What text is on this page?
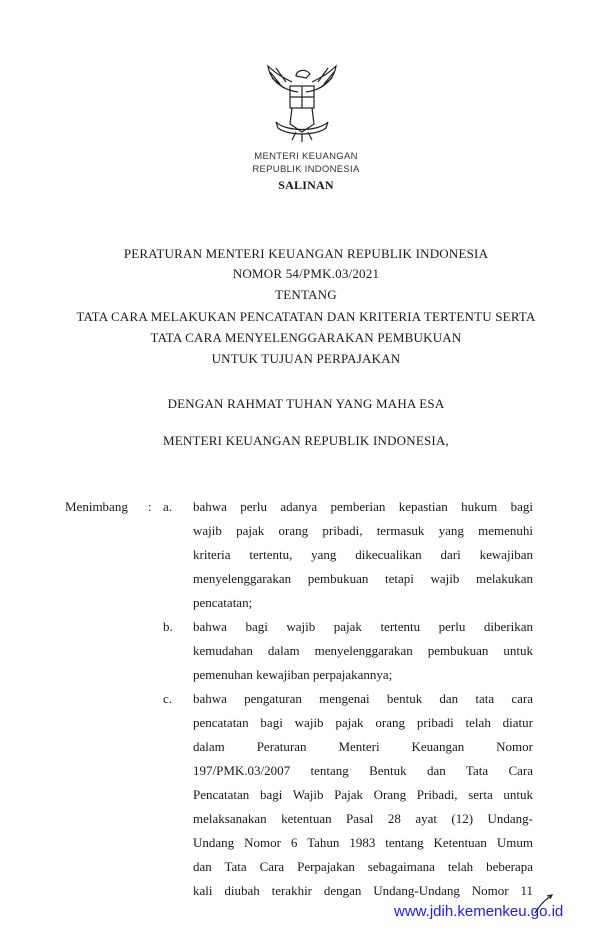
MENTERI KEUANGAN
REPUBLIK INDONESIA
SALINAN
PERATURAN MENTERI KEUANGAN REPUBLIK INDONESIA
NOMOR 54/PMK.03/2021
TENTANG
TATA CARA MELAKUKAN PENCATATAN DAN KRITERIA TERTENTU SERTA
TATA CARA MENYELENGGARAKAN PEMBUKUAN
UNTUK TUJUAN PERPAJAKAN
DENGAN RAHMAT TUHAN YANG MAHA ESA
MENTERI KEUANGAN REPUBLIK INDONESIA,
Menimbang : a. bahwa perlu adanya pemberian kepastian hukum bagi
wajib pajak orang pribadi, termasuk yang memenuhi
kriteria tertentu, yang dikecualikan dari kewajiban
menyelenggarakan pembukuan tetapi wajib melakukan
pencatatan;
b. bahwa bagi wajib pajak tertentu perlu diberikan
kemudahan dalam menyelenggarakan pembukuan untuk
pemenuhan kewajiban perpajakannya;
c. bahwa pengaturan mengenai bentuk dan tata cara
pencatatan bagi wajib pajak orang pribadi telah diatur
dalam Peraturan Menteri Keuangan Nomor
197/PMK.03/2007 tentang Bentuk dan Tata Cara
Pencatatan bagi Wajib Pajak Orang Pribadi, serta untuk
melaksanakan ketentuan Pasal 28 ayat (12) Undang-
Undang Nomor 6 Tahun 1983 tentang Ketentuan Umum
dan Tata Cara Perpajakan sebagaimana telah beberapa
kali diubah terakhir dengan Undang-Undang Nomor 11
www.jdih.kemenkeu.go.id
